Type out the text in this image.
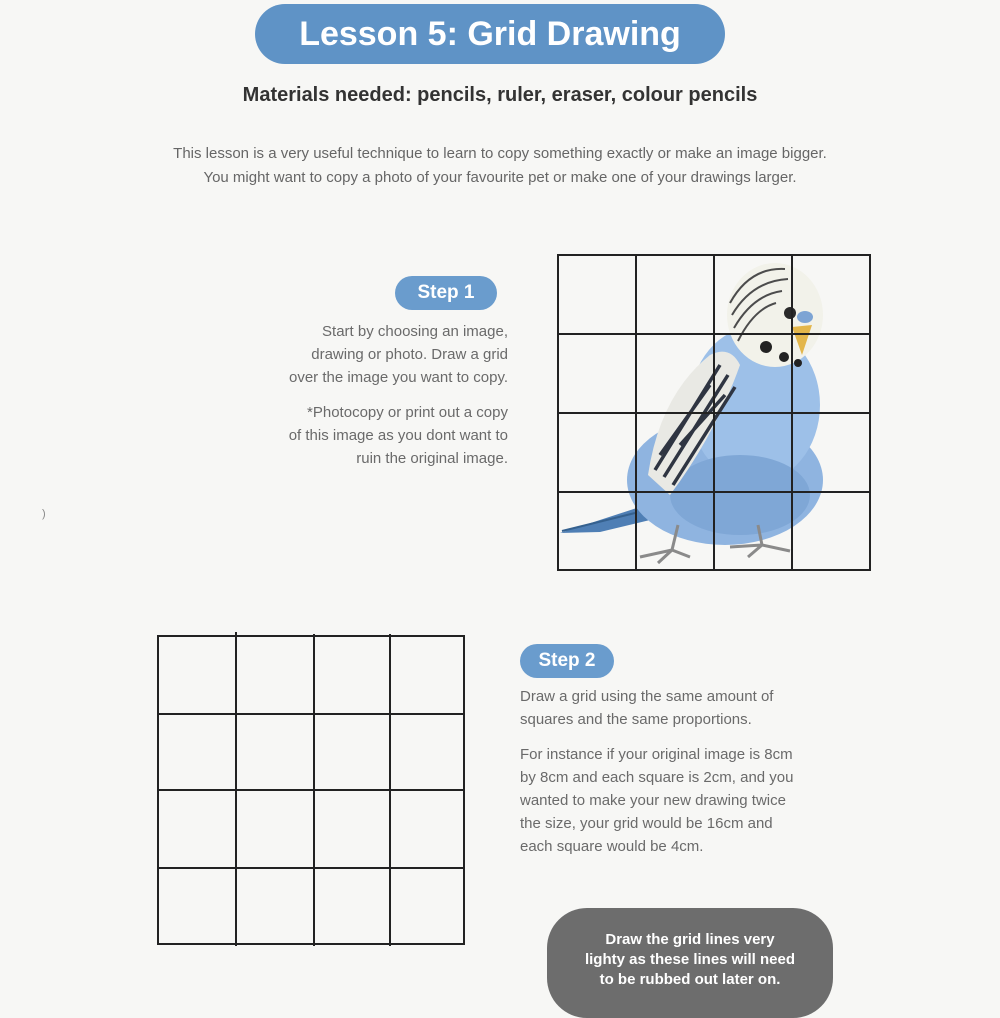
Lesson 5: Grid Drawing
Materials needed: pencils, ruler, eraser, colour pencils
This lesson is a very useful technique to learn to copy something exactly or make an image bigger.
You might want to copy a photo of your favourite pet or make one of your drawings larger.
Step 1
Start by choosing an image,
drawing or photo. Draw a grid
over the image you want to copy.
*Photocopy or print out a copy
of this image as you dont want to
ruin the original image.
Step 2
Draw a grid using the same amount of
squares and the same proportions.
For instance if your original image is 8cm
by 8cm and each square is 2cm, and you
wanted to make your new drawing twice
the size, your grid would be 16cm and
each square would be 4cm.
Draw the grid lines very
lighty as these lines will need
to be rubbed out later on.
)
